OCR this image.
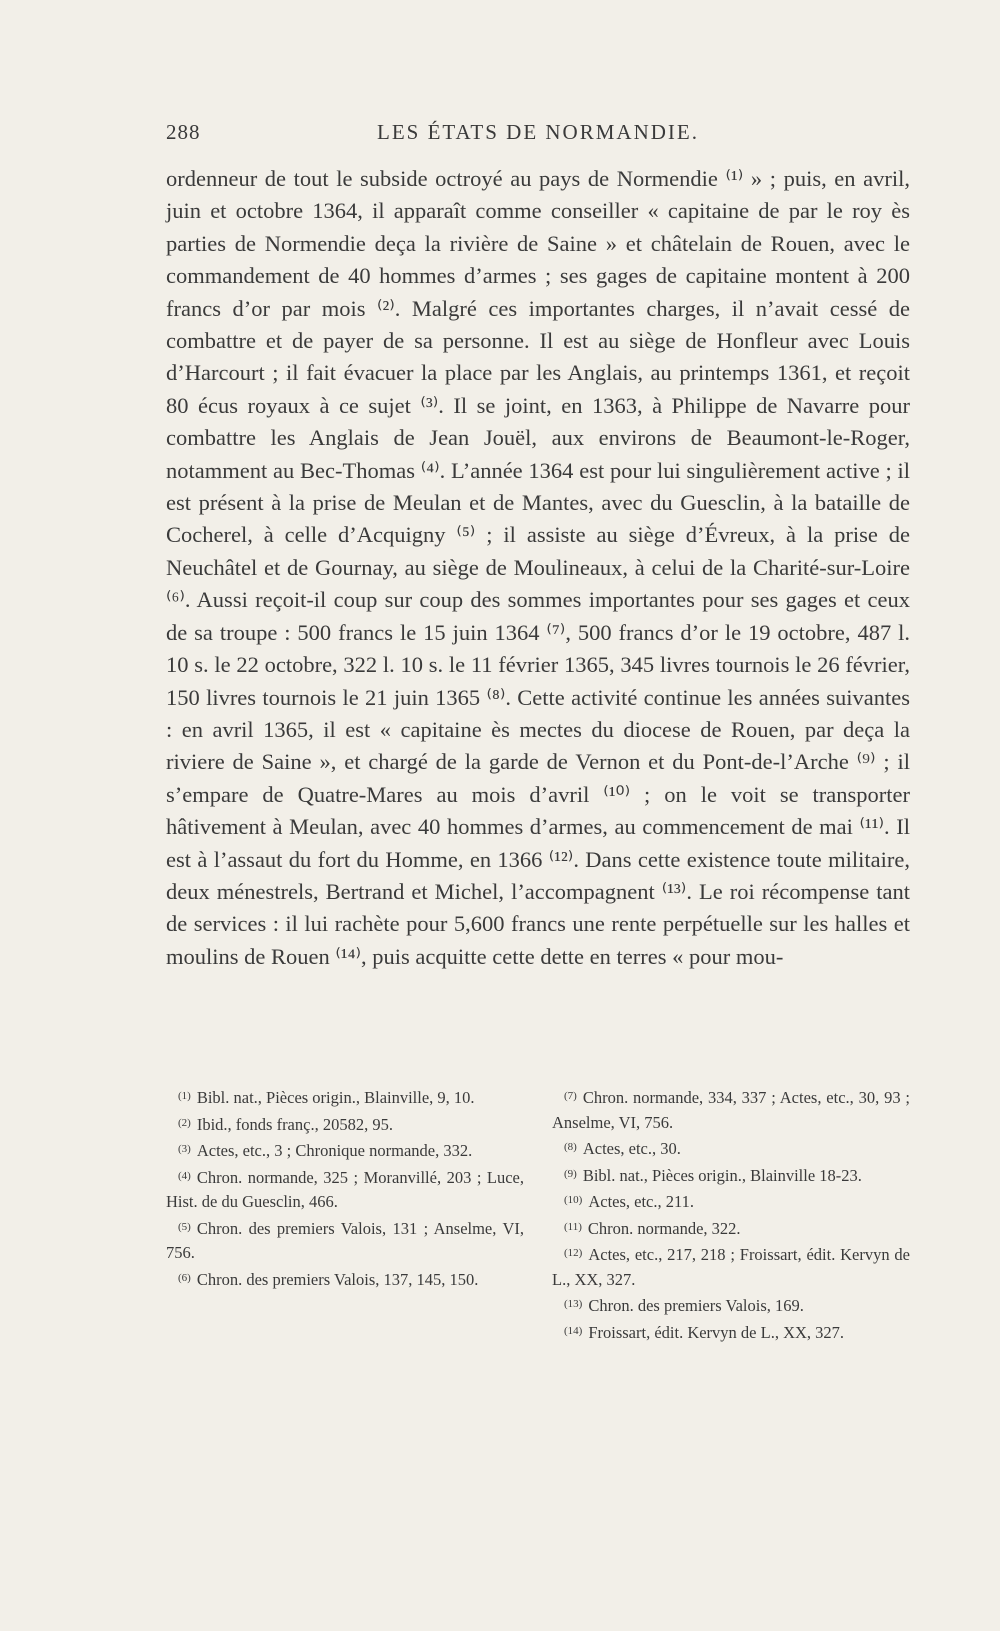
288	LES ÉTATS DE NORMANDIE.

ordenneur de tout le subside octroyé au pays de Normendie ⁽¹⁾ » ; puis, en avril, juin et octobre 1364, il apparaît comme conseiller « capitaine de par le roy ès parties de Normendie deça la rivière de Saine » et châtelain de Rouen, avec le commandement de 40 hommes d’armes ; ses gages de capitaine montent à 200 francs d’or par mois ⁽²⁾. Malgré ces importantes charges, il n’avait cessé de combattre et de payer de sa personne. Il est au siège de Honfleur avec Louis d’Harcourt ; il fait évacuer la place par les Anglais, au printemps 1361, et reçoit 80 écus royaux à ce sujet ⁽³⁾. Il se joint, en 1363, à Philippe de Navarre pour combattre les Anglais de Jean Jouël, aux environs de Beaumont-le-Roger, notamment au Bec-Thomas ⁽⁴⁾. L’année 1364 est pour lui singulièrement active ; il est présent à la prise de Meulan et de Mantes, avec du Guesclin, à la bataille de Cocherel, à celle d’Acquigny ⁽⁵⁾ ; il assiste au siège d’Évreux, à la prise de Neuchâtel et de Gournay, au siège de Moulineaux, à celui de la Charité-sur-Loire ⁽⁶⁾. Aussi reçoit-il coup sur coup des sommes importantes pour ses gages et ceux de sa troupe : 500 francs le 15 juin 1364 ⁽⁷⁾, 500 francs d’or le 19 octobre, 487 l. 10 s. le 22 octobre, 322 l. 10 s. le 11 février 1365, 345 livres tournois le 26 février, 150 livres tournois le 21 juin 1365 ⁽⁸⁾. Cette activité continue les années suivantes : en avril 1365, il est « capitaine ès mectes du diocese de Rouen, par deça la riviere de Saine », et chargé de la garde de Vernon et du Pont-de-l’Arche ⁽⁹⁾ ; il s’empare de Quatre-Mares au mois d’avril ⁽¹⁰⁾ ; on le voit se transporter hâtivement à Meulan, avec 40 hommes d’armes, au commencement de mai ⁽¹¹⁾. Il est à l’assaut du fort du Homme, en 1366 ⁽¹²⁾. Dans cette existence toute militaire, deux ménestrels, Bertrand et Michel, l’accompagnent ⁽¹³⁾. Le roi récompense tant de services : il lui rachète pour 5,600 francs une rente perpétuelle sur les halles et moulins de Rouen ⁽¹⁴⁾, puis acquitte cette dette en terres « pour mou-

$^{(1)}$ Bibl. nat., Pièces origin., Blainville, 9, 10.

$^{(2)}$ Ibid., fonds franç., 20582, 95.

$^{(3)}$ Actes, etc., 3 ; Chronique normande, 332.

$^{(4)}$ Chron. normande, 325 ; Moranvillé, 203 ; Luce, Hist. de du Guesclin, 466.

$^{(5)}$ Chron. des premiers Valois, 131 ; Anselme, VI, 756.

$^{(6)}$ Chron. des premiers Valois, 137, 145, 150.

$^{(7)}$ Chron. normande, 334, 337 ; Actes, etc., 30, 93 ; Anselme, VI, 756.

$^{(8)}$ Actes, etc., 30.

$^{(9)}$ Bibl. nat., Pièces origin., Blainville 18-23.

$^{(10)}$ Actes, etc., 211.

$^{(11)}$ Chron. normande, 322.

$^{(12)}$ Actes, etc., 217, 218 ; Froissart, édit. Kervyn de L., XX, 327.

$^{(13)}$ Chron. des premiers Valois, 169.

$^{(14)}$ Froissart, édit. Kervyn de L., XX, 327.
